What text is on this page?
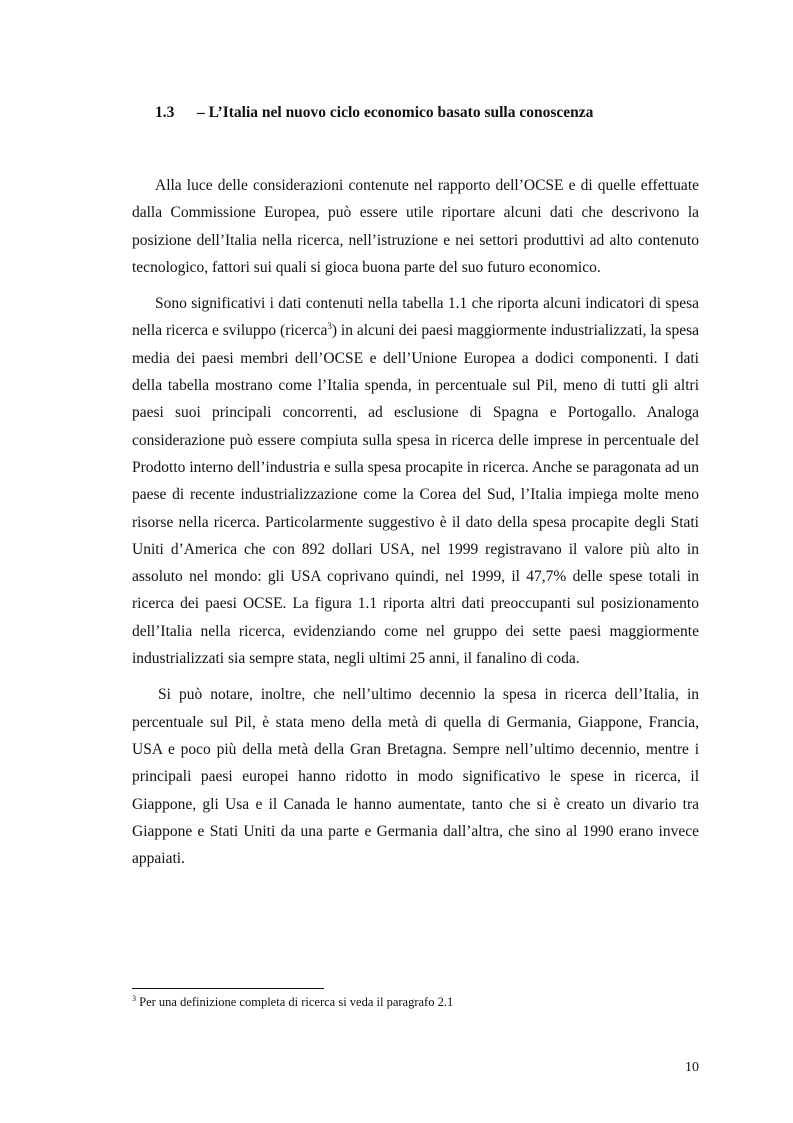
1.3 – L’Italia nel nuovo ciclo economico basato sulla conoscenza

Alla luce delle considerazioni contenute nel rapporto dell’OCSE e di quelle effettuate dalla Commissione Europea, può essere utile riportare alcuni dati che descrivono la posizione dell’Italia nella ricerca, nell’istruzione e nei settori produttivi ad alto contenuto tecnologico, fattori sui quali si gioca buona parte del suo futuro economico.

Sono significativi i dati contenuti nella tabella 1.1 che riporta alcuni indicatori di spesa nella ricerca e sviluppo (ricerca$^3$) in alcuni dei paesi maggiormente industrializzati, la spesa media dei paesi membri dell’OCSE e dell’Unione Europea a dodici componenti. I dati della tabella mostrano come l’Italia spenda, in percentuale sul Pil, meno di tutti gli altri paesi suoi principali concorrenti, ad esclusione di Spagna e Portogallo. Analoga considerazione può essere compiuta sulla spesa in ricerca delle imprese in percentuale del Prodotto interno dell’industria e sulla spesa procapite in ricerca. Anche se paragonata ad un paese di recente industrializzazione come la Corea del Sud, l’Italia impiega molte meno risorse nella ricerca. Particolarmente suggestivo è il dato della spesa procapite degli Stati Uniti d’America che con 892 dollari USA, nel 1999 registravano il valore più alto in assoluto nel mondo: gli USA coprivano quindi, nel 1999, il 47,7% delle spese totali in ricerca dei paesi OCSE. La figura 1.1 riporta altri dati preoccupanti sul posizionamento dell’Italia nella ricerca, evidenziando come nel gruppo dei sette paesi maggiormente industrializzati sia sempre stata, negli ultimi 25 anni, il fanalino di coda.

Si può notare, inoltre, che nell’ultimo decennio la spesa in ricerca dell’Italia, in percentuale sul Pil, è stata meno della metà di quella di Germania, Giappone, Francia, USA e poco più della metà della Gran Bretagna. Sempre nell’ultimo decennio, mentre i principali paesi europei hanno ridotto in modo significativo le spese in ricerca, il Giappone, gli Usa e il Canada le hanno aumentate, tanto che si è creato un divario tra Giappone e Stati Uniti da una parte e Germania dall’altra, che sino al 1990 erano invece appaiati.

$^3$ Per una definizione completa di ricerca si veda il paragrafo 2.1
10
